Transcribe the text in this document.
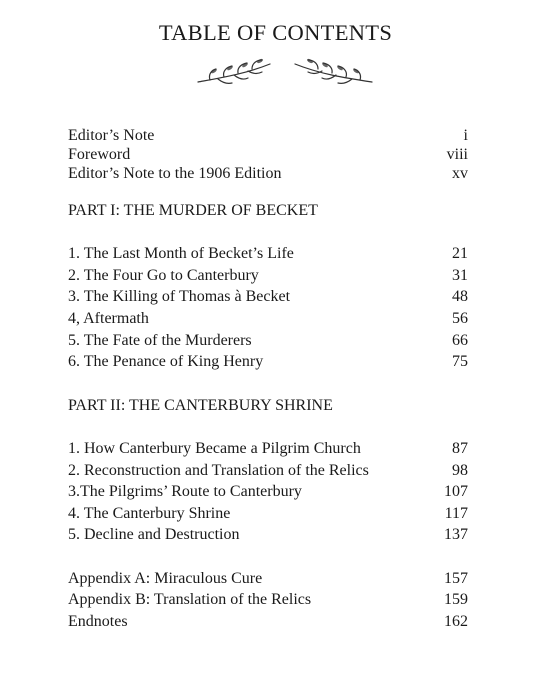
TABLE OF CONTENTS
Editor’s Note	i
Foreword	viii
Editor’s Note to the 1906 Edition	xv
PART I: THE MURDER OF BECKET
1. The Last Month of Becket’s Life	21
2. The Four Go to Canterbury	31
3. The Killing of Thomas à Becket	48
4, Aftermath	56
5. The Fate of the Murderers	66
6. The Penance of King Henry	75
PART II: THE CANTERBURY SHRINE
1. How Canterbury Became a Pilgrim Church	87
2. Reconstruction and Translation of the Relics	98
3.The Pilgrims’ Route to Canterbury	107
4. The Canterbury Shrine	117
5. Decline and Destruction	137
Appendix A: Miraculous Cure	157
Appendix B: Translation of the Relics	159
Endnotes	162
